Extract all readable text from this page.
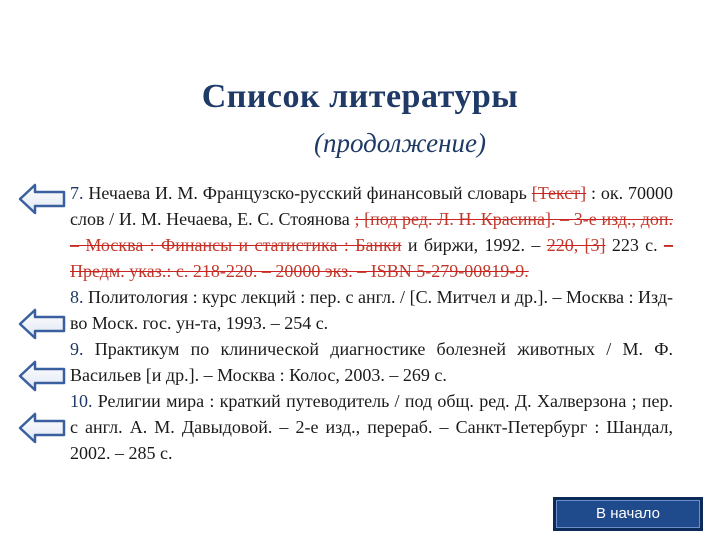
Список литературы
(продолжение)

7. Нечаева И. М. Французско-русский финансовый словарь [Текст] : ок. 70000 слов / И. М. Нечаева, Е. С. Стоянова ; [под ред. Л. Н. Красина]. – 3-е изд., доп. – Москва : Финансы и статистика : Банки и биржи, 1992. – 220, [3] 223 с. – Предм. указ.: с. 218-220. – 20000 экз. – ISBN 5-279-00819-9.

8. Политология : курс лекций : пер. с англ. / [С. Митчел и др.]. – Москва : Изд-во Моск. гос. ун-та, 1993. – 254 с.

9. Практикум по клинической диагностике болезней животных / М. Ф. Васильев [и др.]. – Москва : Колос, 2003. – 269 с.

10. Религии мира : краткий путеводитель / под общ. ред. Д. Халверзона ; пер. с англ. А. М. Давыдовой. – 2-е изд., перераб. – Санкт-Петербург : Шандал, 2002. – 285 с.

В начало
